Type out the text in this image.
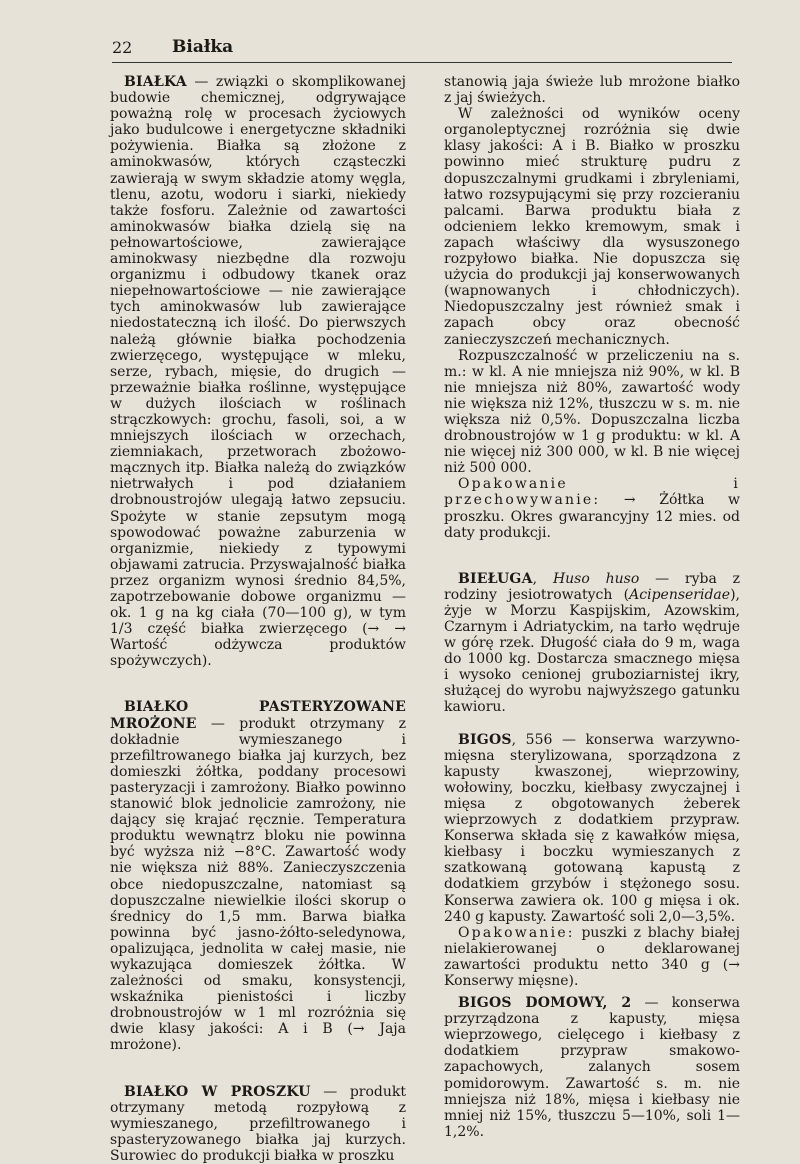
22 Białka

BIAŁKA — związki o skomplikowanej budowie chemicznej, odgrywające poważną rolę w procesach życiowych jako budulcowe i energetyczne składniki pożywienia. Białka są złożone z aminokwasów, których cząsteczki zawierają w swym składzie atomy węgla, tlenu, azotu, wodoru i siarki, niekiedy także fosforu. Zależnie od zawartości aminokwasów białka dzielą się na pełnowartościowe, zawierające aminokwasy niezbędne dla rozwoju organizmu i odbudowy tkanek oraz niepełnowartościowe — nie zawierające tych aminokwasów lub zawierające niedostateczną ich ilość. Do pierwszych należą głównie białka pochodzenia zwierzęcego, występujące w mleku, serze, rybach, mięsie, do drugich — przeważnie białka roślinne, występujące w dużych ilościach w roślinach strączkowych: grochu, fasoli, soi, a w mniejszych ilościach w orzechach, ziemniakach, przetworach zbożowo-mącznych itp. Białka należą do związków nietrwałych i pod działaniem drobnoustrojów ulegają łatwo zepsuciu. Spożyte w stanie zepsutym mogą spowodować poważne zaburzenia w organizmie, niekiedy z typowymi objawami zatrucia. Przyswajalność białka przez organizm wynosi średnio 84,5%, zapotrzebowanie dobowe organizmu — ok. 1 g na kg ciała (70—100 g), w tym 1/3 część białka zwierzęcego (→ → Wartość odżywcza produktów spożywczych).

BIAŁKO PASTERYZOWANE MROŻONE — produkt otrzymany z dokładnie wymieszanego i przefiltrowanego białka jaj kurzych, bez domieszki żółtka, poddany procesowi pasteryzacji i zamrożony. Białko powinno stanowić blok jednolicie zamrożony, nie dający się krajać ręcznie. Temperatura produktu wewnątrz bloku nie powinna być wyższa niż −8°C. Zawartość wody nie większa niż 88%. Zanieczyszczenia obce niedopuszczalne, natomiast są dopuszczalne niewielkie ilości skorup o średnicy do 1,5 mm. Barwa białka powinna być jasno-żółto-seledynowa, opalizująca, jednolita w całej masie, nie wykazująca domieszek żółtka. W zależności od smaku, konsystencji, wskaźnika pienistości i liczby drobnoustrojów w 1 ml rozróżnia się dwie klasy jakości: A i B (→ Jaja mrożone).

BIAŁKO W PROSZKU — produkt otrzymany metodą rozpyłową z wymieszanego, przefiltrowanego i spasteryzowanego białka jaj kurzych. Surowiec do produkcji białka w proszku

stanowią jaja świeże lub mrożone białko z jaj świeżych.

W zależności od wyników oceny organoleptycznej rozróżnia się dwie klasy jakości: A i B. Białko w proszku powinno mieć strukturę pudru z dopuszczalnymi grudkami i zbryleniami, łatwo rozsypującymi się przy rozcieraniu palcami. Barwa produktu biała z odcieniem lekko kremowym, smak i zapach właściwy dla wysuszonego rozpyłowo białka. Nie dopuszcza się użycia do produkcji jaj konserwowanych (wapnowanych i chłodniczych). Niedopuszczalny jest również smak i zapach obcy oraz obecność zanieczyszczeń mechanicznych.

Rozpuszczalność w przeliczeniu na s. m.: w kl. A nie mniejsza niż 90%, w kl. B nie mniejsza niż 80%, zawartość wody nie większa niż 12%, tłuszczu w s. m. nie większa niż 0,5%. Dopuszczalna liczba drobnoustrojów w 1 g produktu: w kl. A nie więcej niż 300 000, w kl. B nie więcej niż 500 000.

Opakowanie i przechowywanie: → Żółtka w proszku. Okres gwarancyjny 12 mies. od daty produkcji.

BIEŁUGA, Huso huso — ryba z rodziny jesiotrowatych (Acipenseridae), żyje w Morzu Kaspijskim, Azowskim, Czarnym i Adriatyckim, na tarło wędruje w górę rzek. Długość ciała do 9 m, waga do 1000 kg. Dostarcza smacznego mięsa i wysoko cenionej gruboziarnistej ikry, służącej do wyrobu najwyższego gatunku kawioru.

BIGOS, 556 — konserwa warzywno-mięsna sterylizowana, sporządzona z kapusty kwaszonej, wieprzowiny, wołowiny, boczku, kiełbasy zwyczajnej i mięsa z obgotowanych żeberek wieprzowych z dodatkiem przypraw. Konserwa składa się z kawałków mięsa, kiełbasy i boczku wymieszanych z szatkowaną gotowaną kapustą z dodatkiem grzybów i stężonego sosu. Konserwa zawiera ok. 100 g mięsa i ok. 240 g kapusty. Zawartość soli 2,0—3,5%.

Opakowanie: puszki z blachy białej nielakierowanej o deklarowanej zawartości produktu netto 340 g (→ Konserwy mięsne).

BIGOS DOMOWY, 2 — konserwa przyrządzona z kapusty, mięsa wieprzowego, cielęcego i kiełbasy z dodatkiem przypraw smakowo-zapachowych, zalanych sosem pomidorowym. Zawartość s. m. nie mniejsza niż 18%, mięsa i kiełbasy nie mniej niż 15%, tłuszczu 5—10%, soli 1—1,2%.
